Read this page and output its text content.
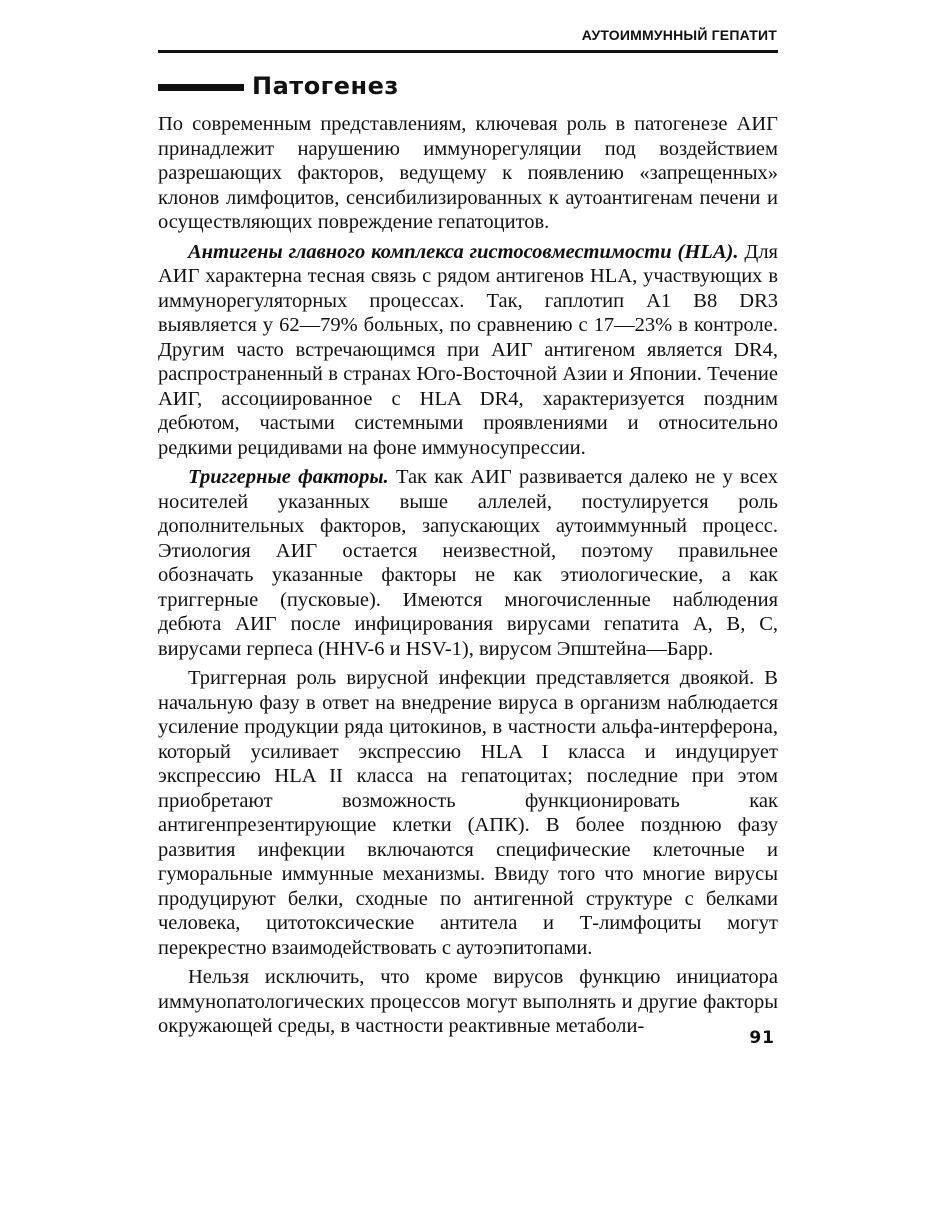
АУТОИММУННЫЙ ГЕПАТИТ
Патогенез

По современным представлениям, ключевая роль в патогенезе АИГ принадлежит нарушению иммунорегуляции под воздействием разрешающих факторов, ведущему к появлению «запрещенных» клонов лимфоцитов, сенсибилизированных к аутоантигенам печени и осуществляющих повреждение гепатоцитов.

Антигены главного комплекса гистосовместимости (HLA). Для АИГ характерна тесная связь с рядом антигенов HLA, участвующих в иммунорегуляторных процессах. Так, гаплотип A1 B8 DR3 выявляется у 62—79% больных, по сравнению с 17—23% в контроле. Другим часто встречающимся при АИГ антигеном является DR4, распространенный в странах Юго-Восточной Азии и Японии. Течение АИГ, ассоциированное с HLA DR4, характеризуется поздним дебютом, частыми системными проявлениями и относительно редкими рецидивами на фоне иммуносупрессии.

Триггерные факторы. Так как АИГ развивается далеко не у всех носителей указанных выше аллелей, постулируется роль дополнительных факторов, запускающих аутоиммунный процесс. Этиология АИГ остается неизвестной, поэтому правильнее обозначать указанные факторы не как этиологические, а как триггерные (пусковые). Имеются многочисленные наблюдения дебюта АИГ после инфицирования вирусами гепатита А, В, С, вирусами герпеса (HHV-6 и HSV-1), вирусом Эпштейна—Барр.

Триггерная роль вирусной инфекции представляется двоякой. В начальную фазу в ответ на внедрение вируса в организм наблюдается усиление продукции ряда цитокинов, в частности альфа-интерферона, который усиливает экспрессию HLA I класса и индуцирует экспрессию HLA II класса на гепатоцитах; последние при этом приобретают возможность функционировать как антигенпрезентирующие клетки (АПК). В более позднюю фазу развития инфекции включаются специфические клеточные и гуморальные иммунные механизмы. Ввиду того что многие вирусы продуцируют белки, сходные по антигенной структуре с белками человека, цитотоксические антитела и Т-лимфоциты могут перекрестно взаимодействовать с аутоэпитопами.

Нельзя исключить, что кроме вирусов функцию инициатора иммунопатологических процессов могут выполнять и другие факторы окружающей среды, в частности реактивные метаболи-

91
